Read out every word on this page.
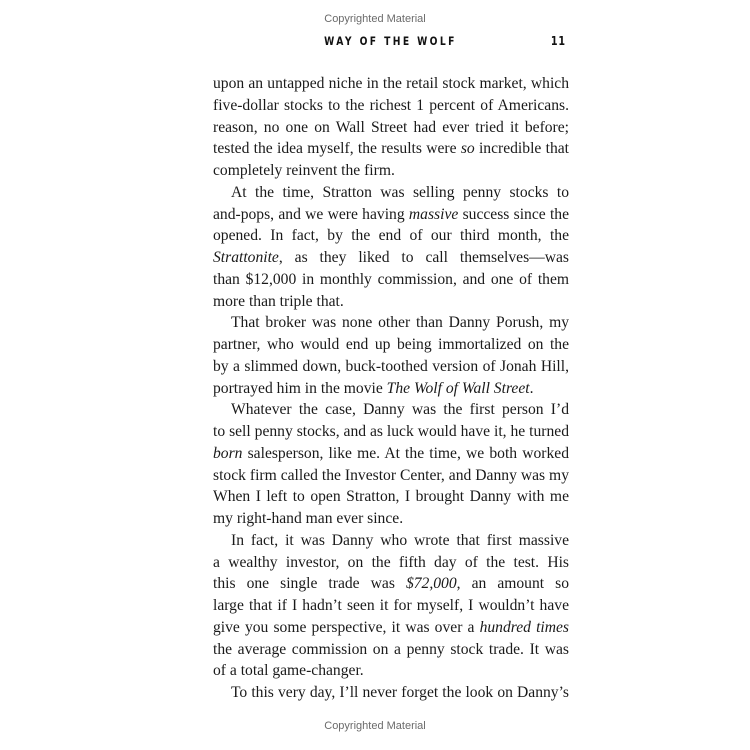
Copyrighted Material
WAY OF THE WOLF	11
upon an untapped niche in the retail stock market, which
five-dollar stocks to the richest 1 percent of Americans.
reason, no one on Wall Street had ever tried it before;
tested the idea myself, the results were so incredible that
completely reinvent the firm.
At the time, Stratton was selling penny stocks to
and-pops, and we were having massive success since the
opened. In fact, by the end of our third month, the
Strattonite, as they liked to call themselves—was
than $12,000 in monthly commission, and one of them
more than triple that.
That broker was none other than Danny Porush, my
partner, who would end up being immortalized on the
by a slimmed down, buck-toothed version of Jonah Hill,
portrayed him in the movie The Wolf of Wall Street.
Whatever the case, Danny was the first person I’d
to sell penny stocks, and as luck would have it, he turned
born salesperson, like me. At the time, we both worked
stock firm called the Investor Center, and Danny was my
When I left to open Stratton, I brought Danny with me
my right-hand man ever since.
In fact, it was Danny who wrote that first massive
a wealthy investor, on the fifth day of the test. His
this one single trade was $72,000, an amount so
large that if I hadn’t seen it for myself, I wouldn’t have
give you some perspective, it was over a hundred times
the average commission on a penny stock trade. It was
of a total game-changer.
To this very day, I’ll never forget the look on Danny’s
Copyrighted Material
